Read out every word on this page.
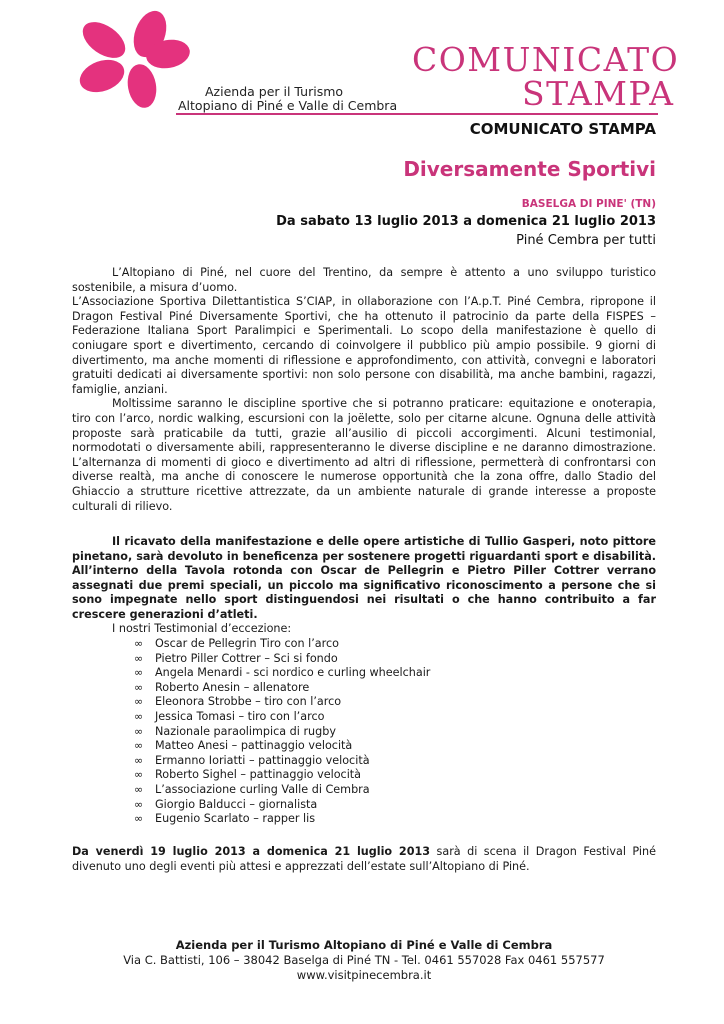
Azienda per il Turismo
Altopiano di Piné e Valle di Cembra
COMUNICATO
STAMPA
COMUNICATO STAMPA
Diversamente Sportivi
BASELGA DI PINE' (TN)
Da sabato 13 luglio 2013 a domenica 21 luglio 2013
Piné Cembra per tutti

L’Altopiano di Piné, nel cuore del Trentino, da sempre è attento a uno sviluppo turistico sostenibile, a misura d’uomo.

L’Associazione Sportiva Dilettantistica S’CIAP, in ollaborazione con l’A.p.T. Piné Cembra, ripropone il Dragon Festival Piné Diversamente Sportivi, che ha ottenuto il patrocinio da parte della FISPES – Federazione Italiana Sport Paralimpici e Sperimentali. Lo scopo della manifestazione è quello di coniugare sport e divertimento, cercando di coinvolgere il pubblico più ampio possibile. 9 giorni di divertimento, ma anche momenti di riflessione e approfondimento, con attività, convegni e laboratori gratuiti dedicati ai diversamente sportivi: non solo persone con disabilità, ma anche bambini, ragazzi, famiglie, anziani.

Moltissime saranno le discipline sportive che si potranno praticare: equitazione e onoterapia, tiro con l’arco, nordic walking, escursioni con la joëlette, solo per citarne alcune. Ognuna delle attività proposte sarà praticabile da tutti, grazie all’ausilio di piccoli accorgimenti. Alcuni testimonial, normodotati o diversamente abili, rappresenteranno le diverse discipline e ne daranno dimostrazione. L’alternanza di momenti di gioco e divertimento ad altri di riflessione, permetterà di confrontarsi con diverse realtà, ma anche di conoscere le numerose opportunità che la zona offre, dallo Stadio del Ghiaccio a strutture ricettive attrezzate, da un ambiente naturale di grande interesse a proposte culturali di rilievo.

Il ricavato della manifestazione e delle opere artistiche di Tullio Gasperi, noto pittore pinetano, sarà devoluto in beneficenza per sostenere progetti riguardanti sport e disabilità. All’interno della Tavola rotonda con Oscar de Pellegrin e Pietro Piller Cottrer verrano assegnati due premi speciali, un piccolo ma significativo riconoscimento a persone che si sono impegnate nello sport distinguendosi nei risultati o che hanno contribuito a far crescere generazioni d’atleti.

I nostri Testimonial d’eccezione:
∞ Oscar de Pellegrin Tiro con l’arco
∞ Pietro Piller Cottrer – Sci si fondo
∞ Angela Menardi - sci nordico e curling wheelchair
∞ Roberto Anesin – allenatore
∞ Eleonora Strobbe – tiro con l’arco
∞ Jessica Tomasi – tiro con l’arco
∞ Nazionale paraolimpica di rugby
∞ Matteo Anesi – pattinaggio velocità
∞ Ermanno Ioriatti – pattinaggio velocità
∞ Roberto Sighel – pattinaggio velocità
∞ L’associazione curling Valle di Cembra
∞ Giorgio Balducci – giornalista
∞ Eugenio Scarlato – rapper lis

Da venerdì 19 luglio 2013 a domenica 21 luglio 2013 sarà di scena il Dragon Festival Piné divenuto uno degli eventi più attesi e apprezzati dell’estate sull’Altopiano di Piné.

Azienda per il Turismo Altopiano di Piné e Valle di Cembra
Via C. Battisti, 106 – 38042 Baselga di Piné TN - Tel. 0461 557028 Fax 0461 557577
www.visitpinecembra.it
